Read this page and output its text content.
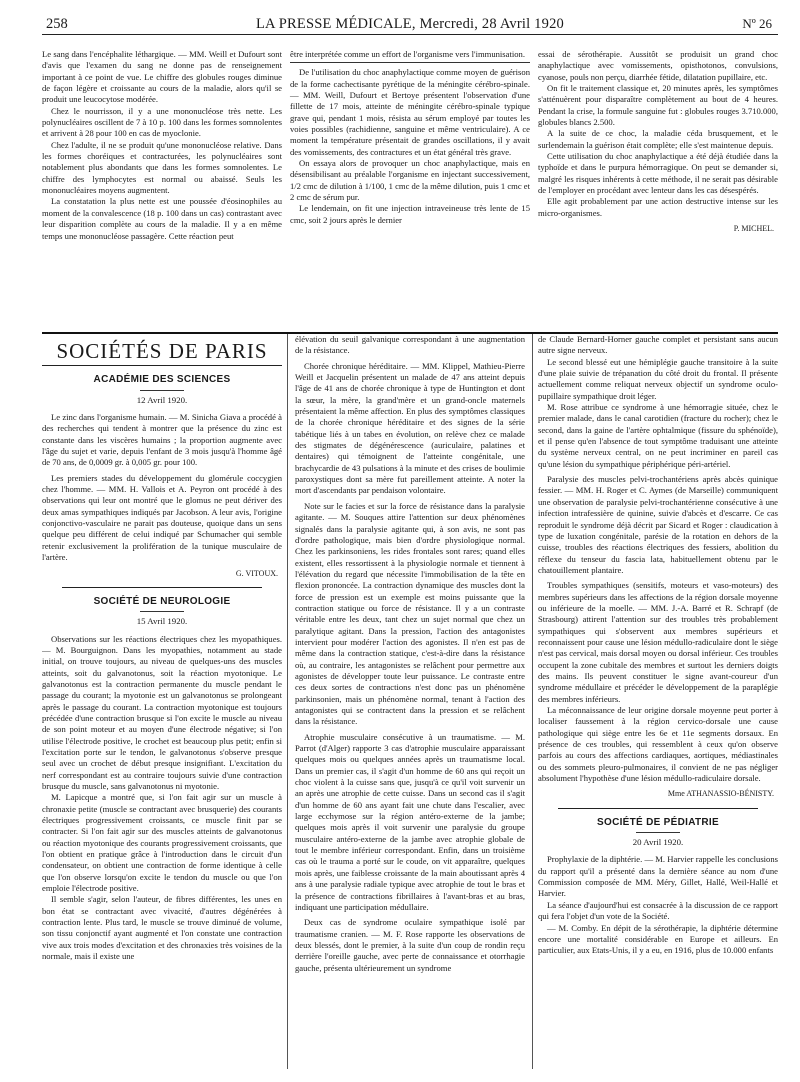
258	LA PRESSE MÉDICALE, Mercredi, 28 Avril 1920	Nº 26

Le sang dans l'encéphalite léthargique. — MM. Weill et Dufourt sont d'avis que l'examen du sang ne donne pas de renseignement important à ce point de vue. Le chiffre des globules rouges diminue de façon légère et croissante au cours de la maladie, alors qu'il se produit une leucocytose modérée.

Chez le nourrisson, il y a une mononucléose très nette. Les polynucléaires oscillent de 7 à 10 p. 100 dans les formes somnolentes et arrivent à 28 pour 100 en cas de myoclonie.

Chez l'adulte, il ne se produit qu'une mononucléose relative. Dans les formes choréiques et contracturées, les polynucléaires sont notablement plus abondants que dans les formes somnolentes. Le chiffre des lymphocytes est normal ou abaissé. Seuls les mononucléaires moyens augmentent.

La constatation la plus nette est une poussée d'éosinophiles au moment de la convalescence (18 p. 100 dans un cas) contrastant avec leur disparition complète au cours de la maladie. Il y a en même temps une mononucléose passagère. Cette réaction peut

être interprétée comme un effort de l'organisme vers l'immunisation.

De l'utilisation du choc anaphylactique comme moyen de guérison de la forme cachectisante pyrétique de la méningite cérébro-spinale. — MM. Weill, Dufourt et Bertoye présentent l'observation d'une fillette de 17 mois, atteinte de méningite cérébro-spinale typique grave qui, pendant 1 mois, résista au sérum employé par toutes les voies possibles (rachidienne, sanguine et même ventriculaire). A ce moment la température présentait de grandes oscillations, il y avait des vomissements, des contractures et un état général très grave.

On essaya alors de provoquer un choc anaphylactique, mais en désensibilisant au préalable l'organisme en injectant successivement, 1/2 cmc de dilution à 1/100, 1 cmc de la même dilution, puis 1 cmc et 2 cmc de sérum pur.

Le lendemain, on fit une injection intraveineuse très lente de 15 cmc, soit 2 jours après le dernier

essai de sérothérapie. Aussitôt se produisit un grand choc anaphylactique avec vomissements, opisthotonos, convulsions, cyanose, pouls non perçu, diarrhée fétide, dilatation pupillaire, etc.

On fit le traitement classique et, 20 minutes après, les symptômes s'atténuèrent pour disparaître complètement au bout de 4 heures. Pendant la crise, la formule sanguine fut : globules rouges 3.710.000, globules blancs 2.500.

A la suite de ce choc, la maladie céda brusquement, et le surlendemain la guérison était complète; elle s'est maintenue depuis.

Cette utilisation du choc anaphylactique a été déjà étudiée dans la typhoïde et dans le purpura hémorragique. On peut se demander si, malgré les risques inhérents à cette méthode, il ne serait pas désirable de l'employer en procédant avec lenteur dans les cas désespérés.

Elle agit probablement par une action destructive intense sur les micro-organismes.

P. MICHEL.
SOCIÉTÉS DE PARIS
ACADÉMIE DES SCIENCES
12 Avril 1920.

Le zinc dans l'organisme humain. — M. Sinicha Giava a procédé à des recherches qui tendent à montrer que la présence du zinc est constante dans les viscères humains ; la proportion augmente avec l'âge du sujet et varie, depuis l'enfant de 3 mois jusqu'à l'homme âgé de 70 ans, de 0,0009 gr. à 0,005 gr. pour 100.

Les premiers stades du développement du glomérule coccygien chez l'homme. — MM. H. Vallois et A. Peyron ont procédé à des observations qui leur ont montré que le glomus ne peut dériver des deux amas sympathiques indiqués par Jacobson. A leur avis, l'origine conjonctivo-vasculaire ne parait pas douteuse, quoique dans un sens quelque peu différent de celui indiqué par Schumacher qui semble retenir exclusivement la prolifération de la tunique musculaire de l'artère.

G. VITOUX.
SOCIÉTÉ DE NEUROLOGIE
15 Avril 1920.

Observations sur les réactions électriques chez les myopathiques. — M. Bourguignon. Dans les myopathies, notamment au stade initial, on trouve toujours, au niveau de quelques-uns des muscles atteints, soit du galvanotonus, soit la réaction myotonique. Le galvanotonus est la contraction permanente du muscle pendant le passage du courant; la myotonie est un galvanotonus se prolongeant après le passage du courant. La contraction myotonique est toujours précédée d'une contraction brusque si l'on excite le muscle au niveau de son point moteur et au moyen d'une électrode négative; si l'on utilise l'électrode positive, le crochet est beaucoup plus petit; enfin si l'excitation porte sur le tendon, le galvanotonus s'observe presque seul avec un crochet de début presque insignifiant. L'excitation du nerf correspondant est au contraire toujours suivie d'une contraction brusque du muscle, sans galvanotonus ni myotonie.

M. Lapicque a montré que, si l'on fait agir sur un muscle à chronaxie petite (muscle se contractant avec brusquerie) des courants électriques progressivement croissants, ce muscle finit par se contracter. Si l'on fait agir sur des muscles atteints de galvanotonus ou réaction myotonique des courants progressivement croissants, que l'on obtient en pratique grâce à l'introduction dans le circuit d'un condensateur, on obtient une contraction de forme identique à celle que l'on observe lorsqu'on excite le tendon du muscle ou que l'on emploie l'électrode positive.

Il semble s'agir, selon l'auteur, de fibres différentes, les unes en bon état se contractant avec vivacité, d'autres dégénérées à contraction lente. Plus tard, le muscle se trouve diminué de volume, son tissu conjonctif ayant augmenté et l'on constate une contraction vive aux trois modes d'excitation et des chronaxies très voisines de la normale, mais il existe une

élévation du seuil galvanique correspondant à une augmentation de la résistance.

Chorée chronique héréditaire. — MM. Klippel, Mathieu-Pierre Weill et Jacquelin présentent un malade de 47 ans atteint depuis l'âge de 41 ans de chorée chronique à type de Huntington et dont la sœur, la mère, la grand'mère et un grand-oncle maternels présentaient la même affection. En plus des symptômes classiques de la chorée chronique héréditaire et des signes de la série tabétique liés à un tabes en évolution, on relève chez ce malade des stigmates de dégénérescence (auriculaire, palatines et dentaires) qui témoignent de l'atteinte congénitale, une brachycardie de 43 pulsations à la minute et des crises de boulimie paroxystiques dont sa mère fut pareillement atteinte. A noter la mort d'ascendants par pendaison volontaire.

Note sur le facies et sur la force de résistance dans la paralysie agitante. — M. Souques attire l'attention sur deux phénomènes signalés dans la paralysie agitante qui, à son avis, ne sont pas d'ordre pathologique, mais bien d'ordre physiologique normal. Chez les parkinsoniens, les rides frontales sont rares; quand elles existent, elles ressortissent à la physiologie normale et tiennent à l'élévation du regard que nécessite l'immobilisation de la tête en flexion prononcée. La contraction dynamique des muscles dont la force de pression est un exemple est moins puissante que la contraction statique ou force de résistance. Il y a un contraste véritable entre les deux, tant chez un sujet normal que chez un paralytique agitant. Dans la pression, l'action des antagonistes intervient pour modérer l'action des agonistes. Il n'en est pas de même dans la contraction statique, c'est-à-dire dans la résistance où, au contraire, les antagonistes se relâchent pour permettre aux agonistes de développer toute leur puissance. Le contraste entre ces deux sortes de contractions n'est donc pas un phénomène parkinsonien, mais un phénomène normal, tenant à l'action des antagonistes qui se contractent dans la pression et se relâchent dans la résistance.

Atrophie musculaire consécutive à un traumatisme. — M. Parrot (d'Alger) rapporte 3 cas d'atrophie musculaire apparaissant quelques mois ou quelques années après un traumatisme local. Dans un premier cas, il s'agit d'un homme de 60 ans qui reçoit un choc violent à la cuisse sans que, jusqu'à ce qu'il voit survenir un an après une atrophie de cette cuisse. Dans un second cas il s'agit d'un homme de 60 ans ayant fait une chute dans l'escalier, avec large ecchymose sur la région antéro-externe de la jambe; quelques mois après il voit survenir une paralysie du groupe musculaire antéro-externe de la jambe avec atrophie globale de tout le membre inférieur correspondant. Enfin, dans un troisième cas où le trauma a porté sur le coude, on vit apparaître, quelques mois après, une faiblesse croissante de la main aboutissant après 4 ans à une paralysie radiale typique avec atrophie de tout le bras et la présence de contractions fibrillaires à l'avant-bras et au bras, indiquant une participation médullaire.

Deux cas de syndrome oculaire sympathique isolé par traumatisme cranien. — M. F. Rose rapporte les observations de deux blessés, dont le premier, à la suite d'un coup de rondin reçu derrière l'oreille gauche, avec perte de connaissance et otorrhagie gauche, présenta ultérieurement un syndrome

de Claude Bernard-Horner gauche complet et persistant sans aucun autre signe nerveux.

Le second blessé eut une hémiplégie gauche transitoire à la suite d'une plaie suivie de trépanation du côté droit du frontal. Il présente actuellement comme reliquat nerveux objectif un syndrome oculo-pupillaire sympathique droit léger.

M. Rose attribue ce syndrome à une hémorragie située, chez le premier malade, dans le canal carotidien (fracture du rocher); chez le second, dans la gaine de l'artère ophtalmique (fissure du sphénoïde), et il pense qu'en l'absence de tout symptôme traduisant une atteinte du système nerveux central, on ne peut incriminer en pareil cas qu'une lésion du sympathique périphérique péri-artériel.

Paralysie des muscles pelvi-trochantériens après abcès quinique fessier. — MM. H. Roger et C. Aymes (de Marseille) communiquent une observation de paralysie pelvi-trochantérienne consécutive à une infection intrafessière de quinine, suivie d'abcès et d'escarre. Ce cas reproduit le syndrome déjà décrit par Sicard et Roger : claudication à type de luxation congénitale, parésie de la rotation en dehors de la cuisse, troubles des réactions électriques des fessiers, abolition du réflexe du tenseur du fascia lata, habituellement obtenu par le chatouillement plantaire.

Troubles sympathiques (sensitifs, moteurs et vaso-moteurs) des membres supérieurs dans les affections de la région dorsale moyenne ou inférieure de la moelle. — MM. J.-A. Barré et R. Schrapf (de Strasbourg) attirent l'attention sur des troubles très probablement sympathiques qui s'observent aux membres supérieurs et reconnaissent pour cause une lésion médullo-radiculaire dont le siège n'est pas cervical, mais dorsal moyen ou dorsal inférieur. Ces troubles occupent la zone cubitale des membres et surtout les derniers doigts des mains. Ils peuvent constituer le signe avant-coureur d'un syndrome médullaire et précéder le développement de la paraplégie des membres inférieurs.

La méconnaissance de leur origine dorsale moyenne peut porter à localiser faussement à la région cervico-dorsale une cause pathologique qui siège entre les 6e et 11e segments dorsaux. En présence de ces troubles, qui ressemblent à ceux qu'on observe parfois au cours des affections cardiaques, aortiques, médiastinales ou des sommets pleuro-pulmonaires, il convient de ne pas négliger absolument l'hypothèse d'une lésion médullo-radiculaire dorsale.

Mme ATHANASSIO-BÉNISTY.
SOCIÉTÉ DE PÉDIATRIE
20 Avril 1920.

Prophylaxie de la diphtérie. — M. Harvier rappelle les conclusions du rapport qu'il a présenté dans la dernière séance au nom d'une Commission composée de MM. Méry, Gillet, Hallé, Weil-Hallé et Harvier.

La séance d'aujourd'hui est consacrée à la discussion de ce rapport qui fera l'objet d'un vote de la Société.

— M. Comby. En dépit de la sérothérapie, la diphtérie détermine encore une mortalité considérable en Europe et ailleurs. En particulier, aux Etats-Unis, il y a eu, en 1916, plus de 10.000 enfants
